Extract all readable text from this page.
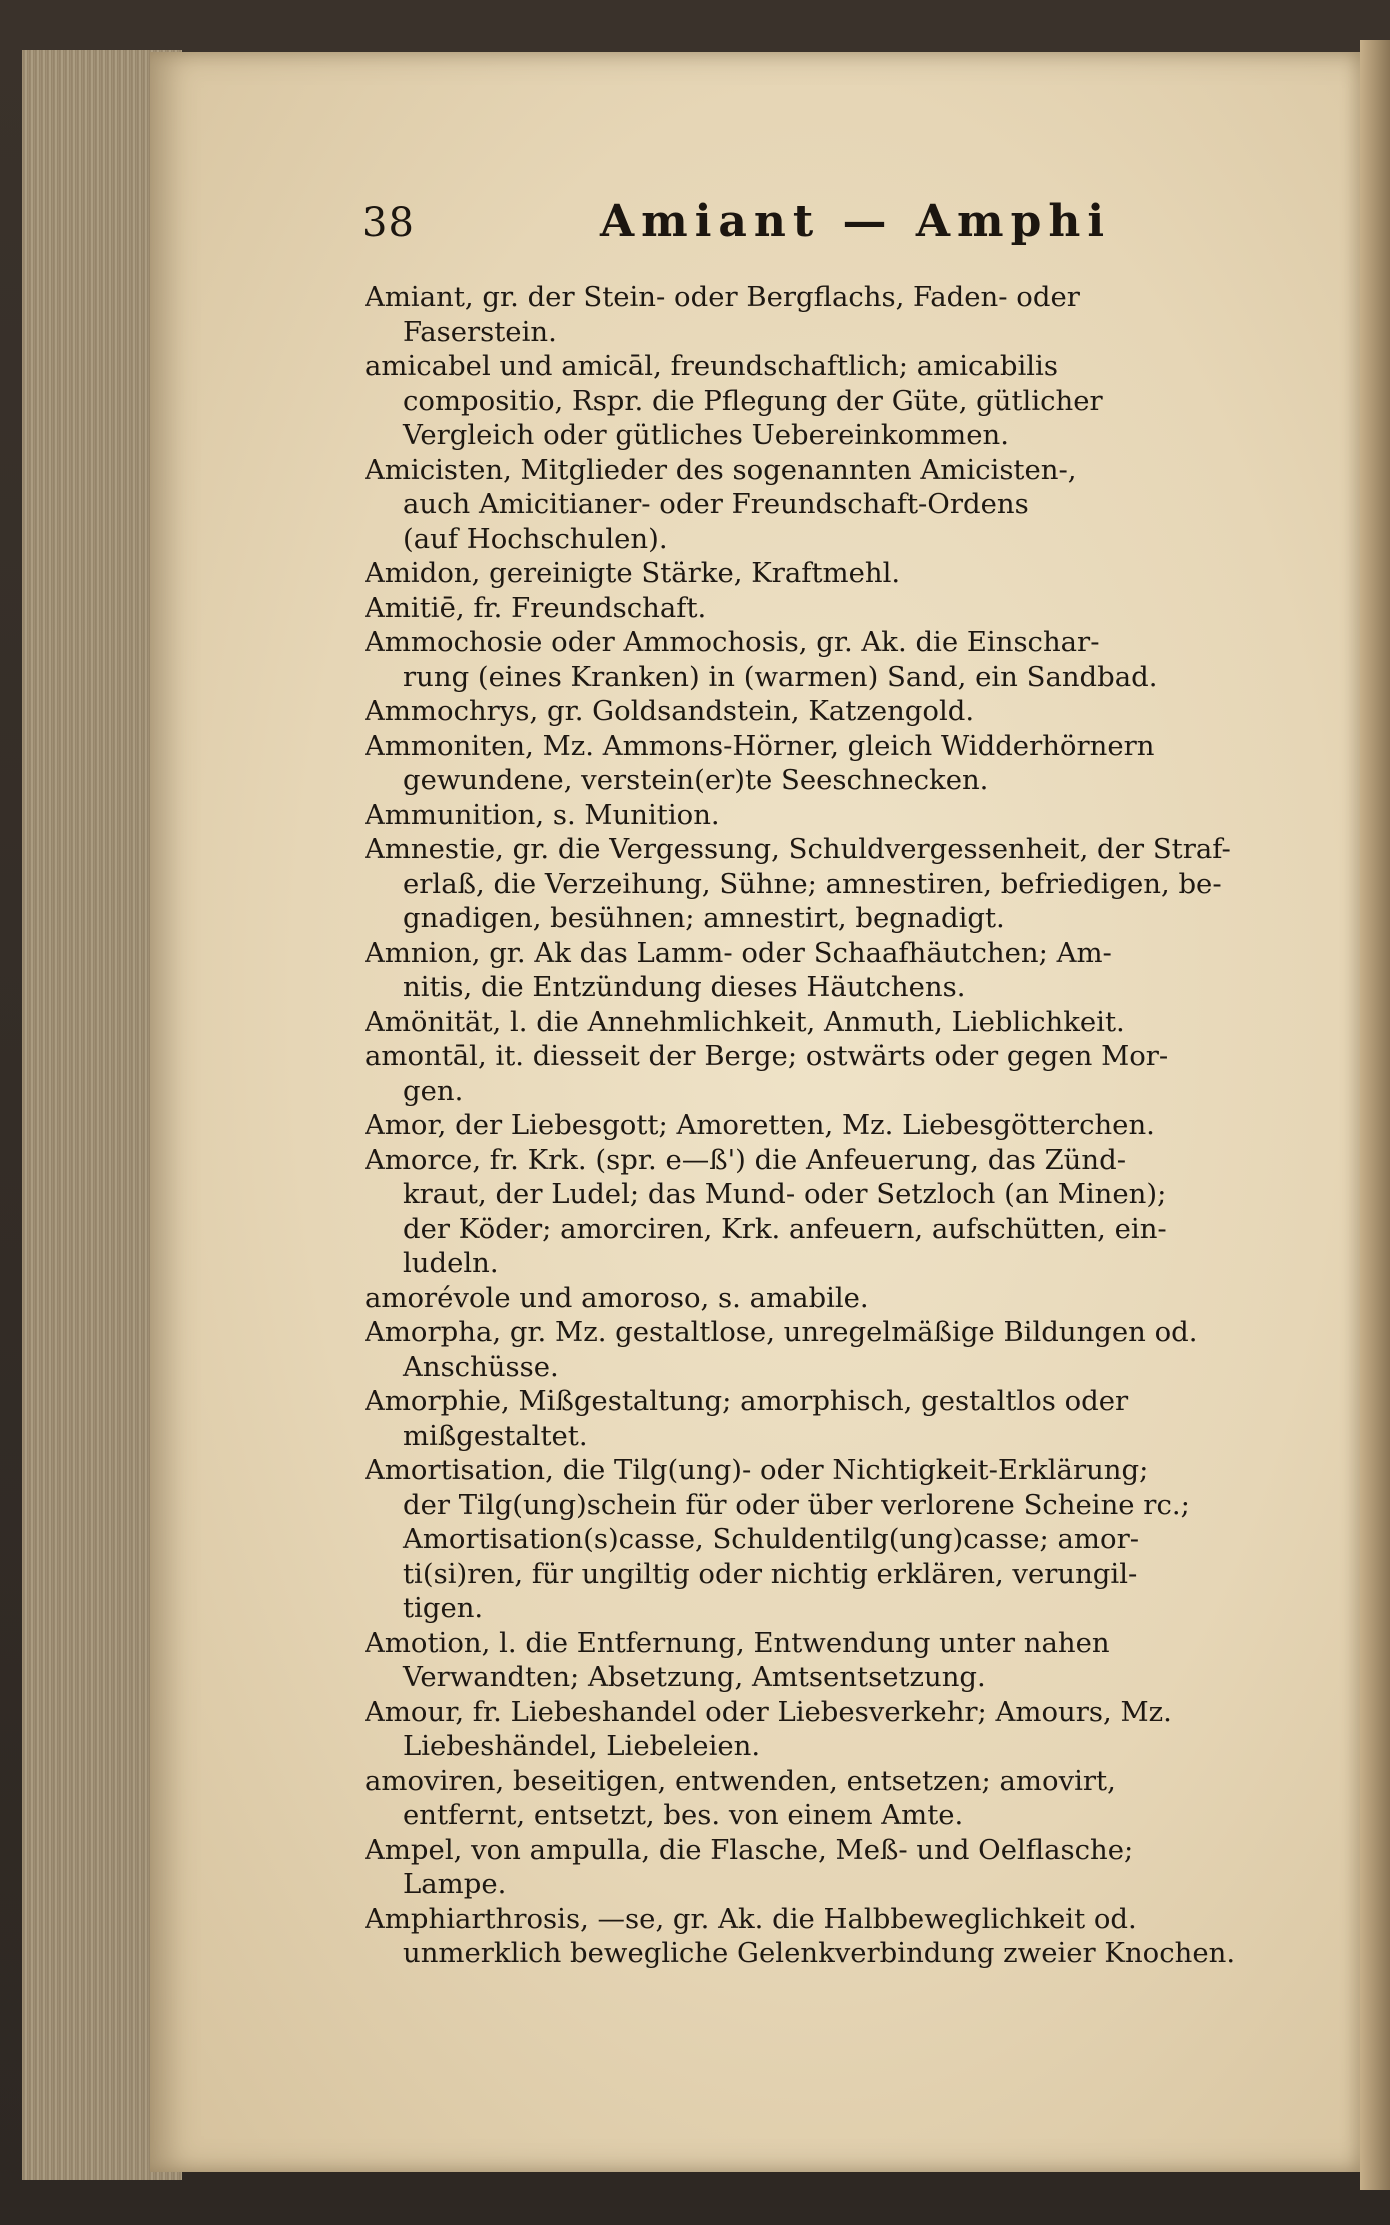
38	Amiant — Amphi
Amiant, gr. der Stein- oder Bergflachs, Faden- oder
Faserstein.
amicabel und amicāl, freundschaftlich; amicabilis
compositio, Rspr. die Pflegung der Güte, gütlicher
Vergleich oder gütliches Uebereinkommen.
Amicisten, Mitglieder des sogenannten Amicisten-,
auch Amicitianer- oder Freundschaft-Ordens
(auf Hochschulen).
Amidon, gereinigte Stärke, Kraftmehl.
Amitiē, fr. Freundschaft.
Ammochosie oder Ammochosis, gr. Ak. die Einschar-
rung (eines Kranken) in (warmen) Sand, ein Sandbad.
Ammochrys, gr. Goldsandstein, Katzengold.
Ammoniten, Mz. Ammons-Hörner, gleich Widderhörnern
gewundene, verstein(er)te Seeschnecken.
Ammunition, s. Munition.
Amnestie, gr. die Vergessung, Schuldvergessenheit, der Straf-
erlaß, die Verzeihung, Sühne; amnestiren, befriedigen, be-
gnadigen, besühnen; amnestirt, begnadigt.
Amnion, gr. Ak das Lamm- oder Schaafhäutchen; Am-
nitis, die Entzündung dieses Häutchens.
Amönität, l. die Annehmlichkeit, Anmuth, Lieblichkeit.
amontāl, it. diesseit der Berge; ostwärts oder gegen Mor-
gen.
Amor, der Liebesgott; Amoretten, Mz. Liebesgötterchen.
Amorce, fr. Krk. (spr. e—ß') die Anfeuerung, das Zünd-
kraut, der Ludel; das Mund- oder Setzloch (an Minen);
der Köder; amorciren, Krk. anfeuern, aufschütten, ein-
ludeln.
amorévole und amoroso, s. amabile.
Amorpha, gr. Mz. gestaltlose, unregelmäßige Bildungen od.
Anschüsse.
Amorphie, Mißgestaltung; amorphisch, gestaltlos oder
mißgestaltet.
Amortisation, die Tilg(ung)- oder Nichtigkeit-Erklärung;
der Tilg(ung)schein für oder über verlorene Scheine rc.;
Amortisation(s)casse, Schuldentilg(ung)casse; amor-
ti(si)ren, für ungiltig oder nichtig erklären, verungil-
tigen.
Amotion, l. die Entfernung, Entwendung unter nahen
Verwandten; Absetzung, Amtsentsetzung.
Amour, fr. Liebeshandel oder Liebesverkehr; Amours, Mz.
Liebeshändel, Liebeleien.
amoviren, beseitigen, entwenden, entsetzen; amovirt,
entfernt, entsetzt, bes. von einem Amte.
Ampel, von ampulla, die Flasche, Meß- und Oelflasche;
Lampe.
Amphiarthrosis, —se, gr. Ak. die Halbbeweglichkeit od.
unmerklich bewegliche Gelenkverbindung zweier Knochen.
